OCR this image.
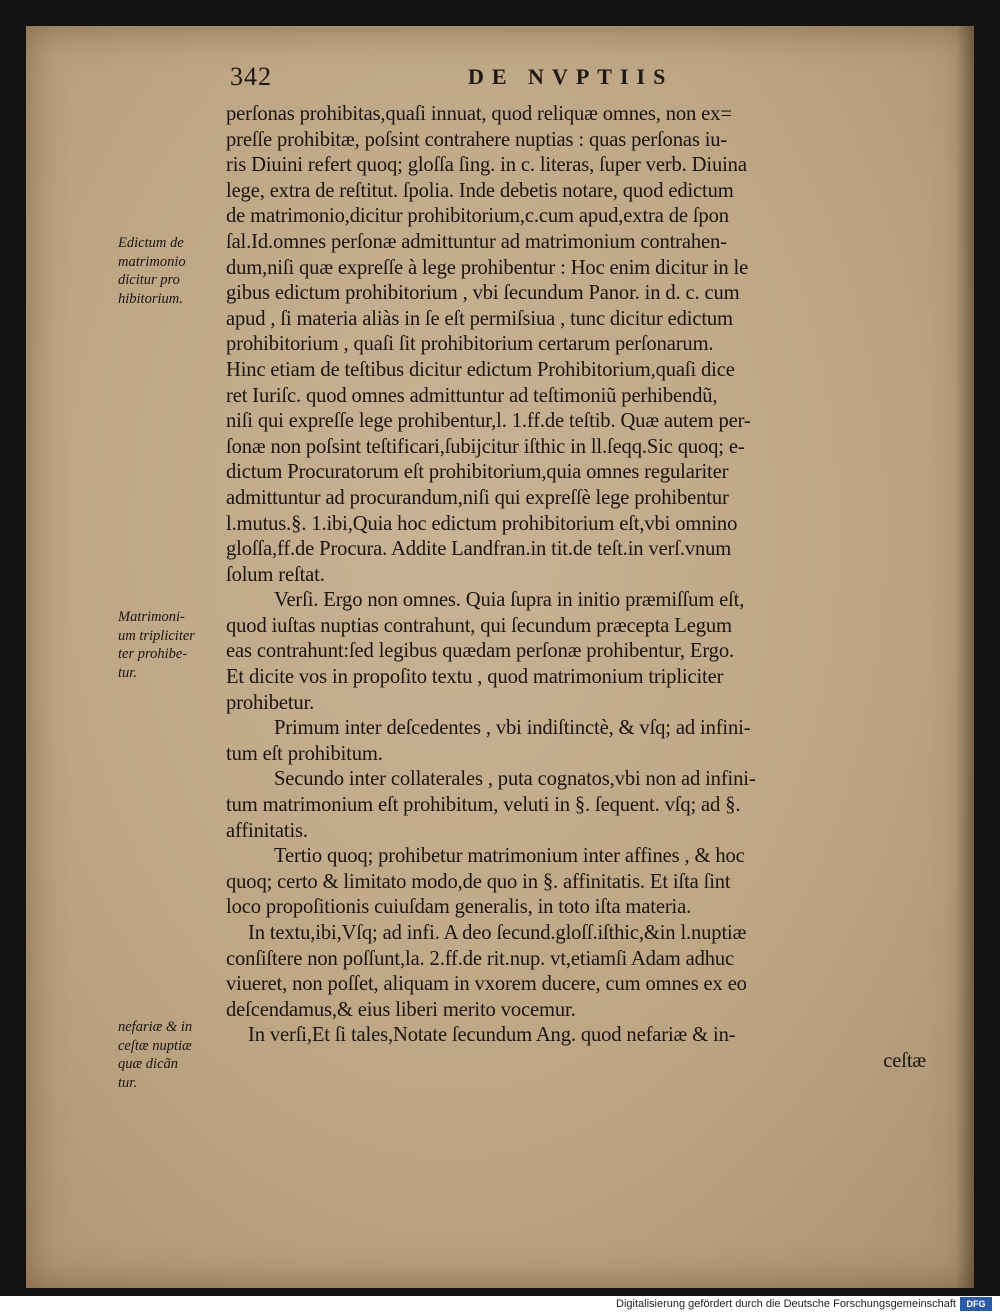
342	DE NVPTIIS
perſonas prohibitas,quaſi innuat, quod reliquæ omnes, non ex=
preſſe prohibitæ, poſsint contrahere nuptias : quas perſonas iu-
ris Diuini refert quoq; gloſſa ſing. in c. literas, ſuper verb. Diuina
lege, extra de reſtitut. ſpolia. Inde debetis notare, quod edictum
de matrimonio,dicitur prohibitorium,c.cum apud,extra de ſpon
ſal.Id.omnes perſonæ admittuntur ad matrimonium contrahen-
dum,niſi quæ expreſſe à lege prohibentur : Hoc enim dicitur in le
gibus edictum prohibitorium , vbi ſecundum Panor. in d. c. cum
apud , ſi materia aliàs in ſe eſt permiſsiua , tunc dicitur edictum
prohibitorium , quaſi ſit prohibitorium certarum perſonarum.
Hinc etiam de teſtibus dicitur edictum Prohibitorium,quaſi dice
ret Iuriſc. quod omnes admittuntur ad teſtimoniũ perhibendũ,
niſi qui expreſſe lege prohibentur,l. 1.ff.de teſtib. Quæ autem per-
ſonæ non poſsint teſtificari,ſubijcitur iſthic in ll.ſeqq.Sic quoq; e-
dictum Procuratorum eſt prohibitorium,quia omnes regulariter
admittuntur ad procurandum,niſi qui expreſſè lege prohibentur
l.mutus.§. 1.ibi,Quia hoc edictum prohibitorium eſt,vbi omnino
gloſſa,ff.de Procura. Addite Landfran.in tit.de teſt.in verſ.vnum
ſolum reſtat.
Verſi. Ergo non omnes. Quia ſupra in initio præmiſſum eſt,
quod iuſtas nuptias contrahunt, qui ſecundum præcepta Legum
eas contrahunt:ſed legibus quædam perſonæ prohibentur, Ergo.
Et dicite vos in propoſito textu , quod matrimonium tripliciter
prohibetur.
Primum inter deſcedentes , vbi indiſtinctè, & vſq; ad infini-
tum eſt prohibitum.
Secundo inter collaterales , puta cognatos,vbi non ad infini-
tum matrimonium eſt prohibitum, veluti in §. ſequent. vſq; ad §.
affinitatis.
Tertio quoq; prohibetur matrimonium inter affines , & hoc
quoq; certo & limitato modo,de quo in §. affinitatis. Et iſta ſint
loco propoſitionis cuiuſdam generalis, in toto iſta materia.
In textu,ibi,Vſq; ad infi. A deo ſecund.gloſſ.iſthic,&in l.nuptiæ
conſiſtere non poſſunt,la. 2.ff.de rit.nup. vt,etiamſi Adam adhuc
viueret, non poſſet, aliquam in vxorem ducere, cum omnes ex eo
deſcendamus,& eius liberi merito vocemur.
In verſi,Et ſi tales,Notate ſecundum Ang. quod nefariæ & in-
ceſtæ
Edictum de
matrimonio
dicitur pro
hibitorium.
Matrimoni-
um tripliciter
ter prohibe-
tur.
nefariæ & in
ceſtæ nuptiæ
quæ dicãn
tur.
Digitalisierung gefördert durch die Deutsche Forschungsgemeinschaft	DFG
